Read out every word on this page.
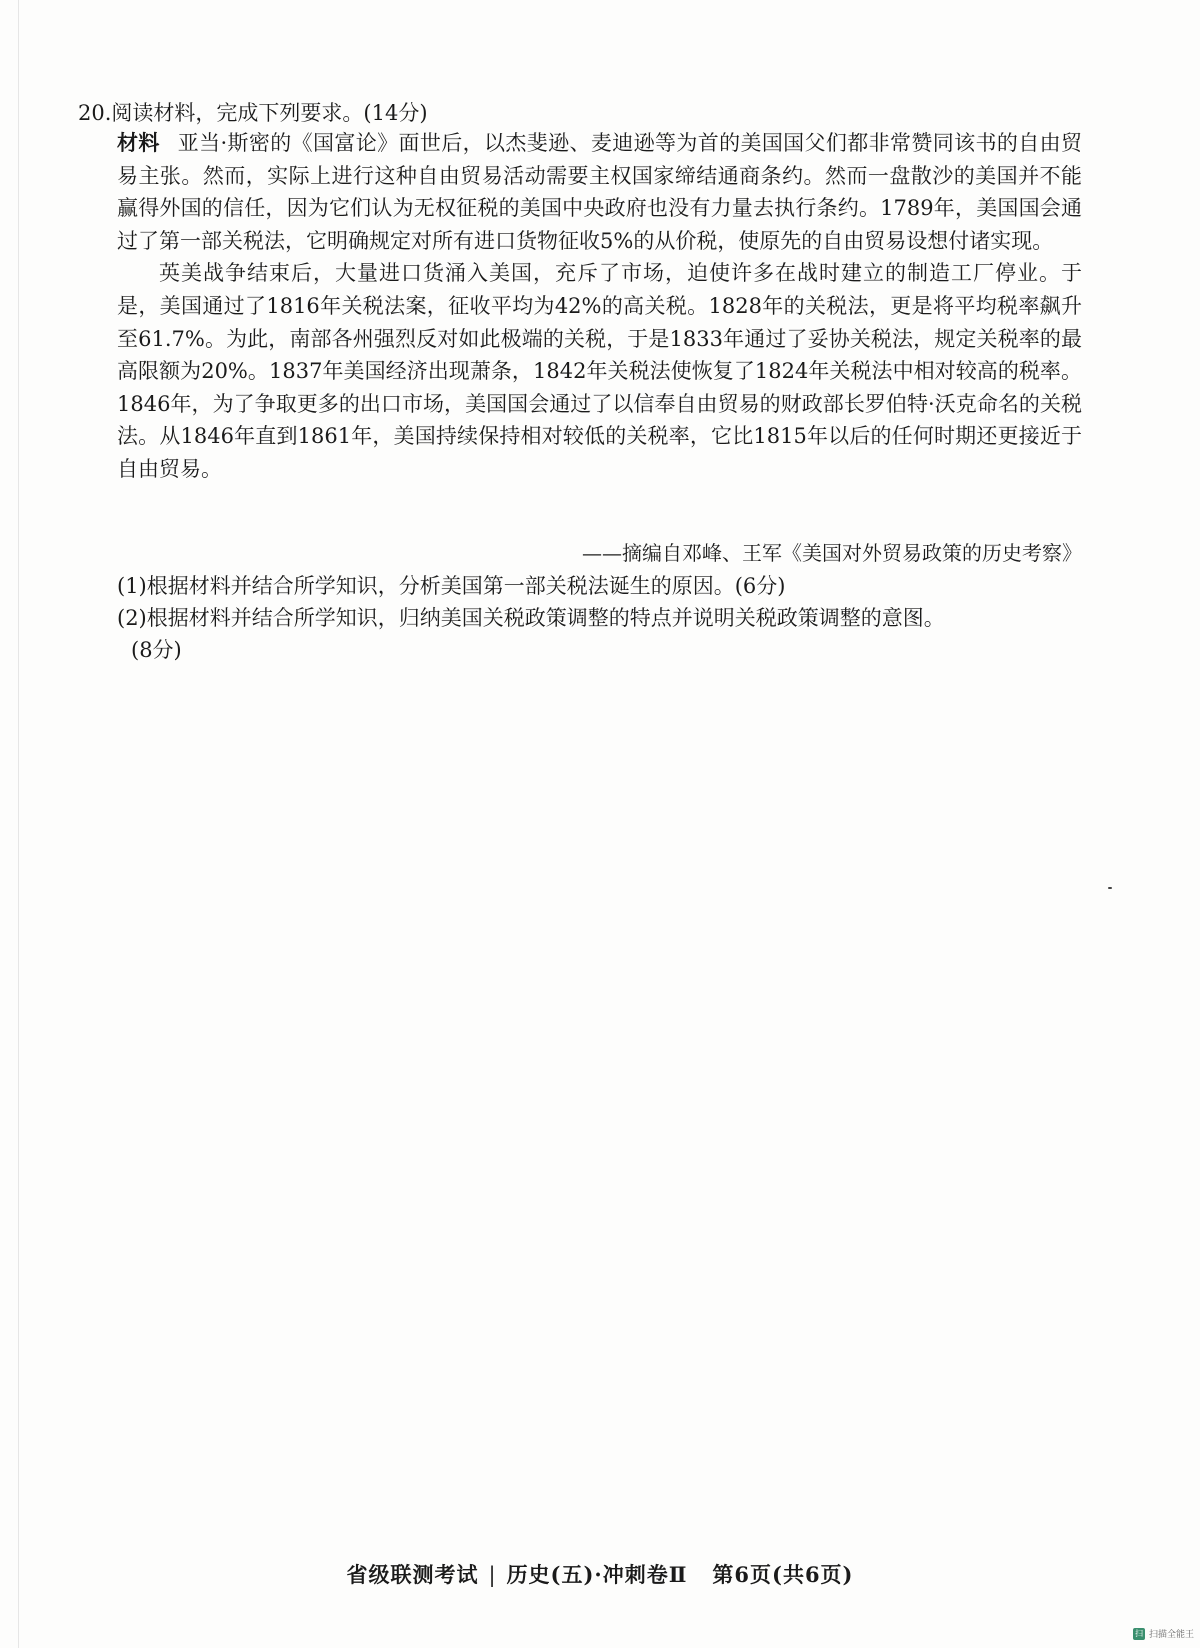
20.阅读材料，完成下列要求。(14分)

材料 亚当·斯密的《国富论》面世后，以杰斐逊、麦迪逊等为首的美国国父们都非常赞同该书的自由贸易主张。然而，实际上进行这种自由贸易活动需要主权国家缔结通商条约。然而一盘散沙的美国并不能赢得外国的信任，因为它们认为无权征税的美国中央政府也没有力量去执行条约。1789年，美国国会通过了第一部关税法，它明确规定对所有进口货物征收5%的从价税，使原先的自由贸易设想付诸实现。

英美战争结束后，大量进口货涌入美国，充斥了市场，迫使许多在战时建立的制造工厂停业。于是，美国通过了1816年关税法案，征收平均为42%的高关税。1828年的关税法，更是将平均税率飙升至61.7%。为此，南部各州强烈反对如此极端的关税，于是1833年通过了妥协关税法，规定关税率的最高限额为20%。1837年美国经济出现萧条，1842年关税法使恢复了1824年关税法中相对较高的税率。1846年，为了争取更多的出口市场，美国国会通过了以信奉自由贸易的财政部长罗伯特·沃克命名的关税法。从1846年直到1861年，美国持续保持相对较低的关税率，它比1815年以后的任何时期还更接近于自由贸易。

——摘编自邓峰、王军《美国对外贸易政策的历史考察》
(1)根据材料并结合所学知识，分析美国第一部关税法诞生的原因。(6分)
(2)根据材料并结合所学知识，归纳美国关税政策调整的特点并说明关税政策调整的意图。
(8分)
省级联测考试 | 历史(五)·冲刺卷Ⅱ 第6页(共6页)
扫 扫描全能王
